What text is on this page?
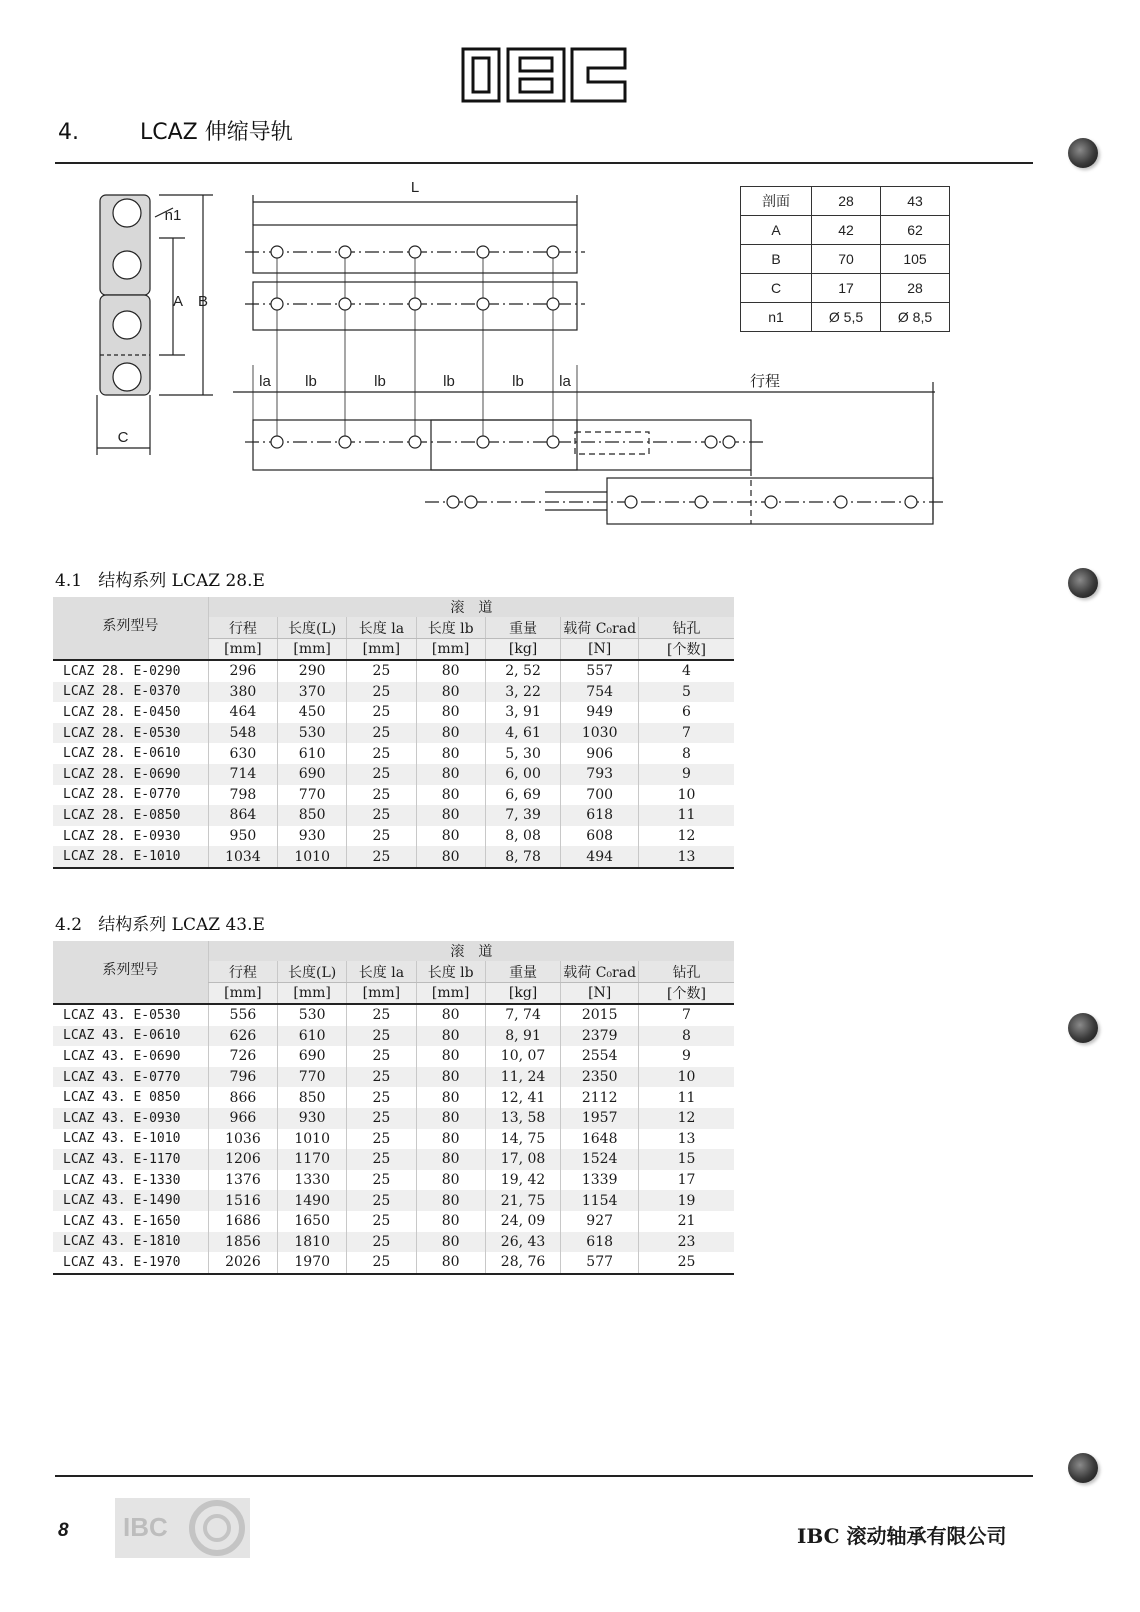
4.	LCAZ 伸缩导轨
L
n1
A B
C
la lb	lb	lb	lb la	行程
剖面	28	43
A	42	62
B	70	105
C	17	28
n1	Ø 5,5	Ø 8,5
4.1 结构系列 LCAZ 28.E
系列型号	滚　道						
	行程	长度(L)	长度 la	长度 lb	重量	载荷 C₀rad	钻孔
	[mm]	[mm]	[mm]	[mm]	[kg]	[N]	[个数]
LCAZ 28. E-0290	296	290	25	80	2, 52	557	4
LCAZ 28. E-0370	380	370	25	80	3, 22	754	5
LCAZ 28. E-0450	464	450	25	80	3, 91	949	6
LCAZ 28. E-0530	548	530	25	80	4, 61	1030	7
LCAZ 28. E-0610	630	610	25	80	5, 30	906	8
LCAZ 28. E-0690	714	690	25	80	6, 00	793	9
LCAZ 28. E-0770	798	770	25	80	6, 69	700	10
LCAZ 28. E-0850	864	850	25	80	7, 39	618	11
LCAZ 28. E-0930	950	930	25	80	8, 08	608	12
LCAZ 28. E-1010	1034	1010	25	80	8, 78	494	13
4.2 结构系列 LCAZ 43.E
系列型号	滚　道						
	行程	长度(L)	长度 la	长度 lb	重量	载荷 C₀rad	钻孔
	[mm]	[mm]	[mm]	[mm]	[kg]	[N]	[个数]
LCAZ 43. E-0530	556	530	25	80	7, 74	2015	7
LCAZ 43. E-0610	626	610	25	80	8, 91	2379	8
LCAZ 43. E-0690	726	690	25	80	10, 07	2554	9
LCAZ 43. E-0770	796	770	25	80	11, 24	2350	10
LCAZ 43. E 0850	866	850	25	80	12, 41	2112	11
LCAZ 43. E-0930	966	930	25	80	13, 58	1957	12
LCAZ 43. E-1010	1036	1010	25	80	14, 75	1648	13
LCAZ 43. E-1170	1206	1170	25	80	17, 08	1524	15
LCAZ 43. E-1330	1376	1330	25	80	19, 42	1339	17
LCAZ 43. E-1490	1516	1490	25	80	21, 75	1154	19
LCAZ 43. E-1650	1686	1650	25	80	24, 09	927	21
LCAZ 43. E-1810	1856	1810	25	80	26, 43	618	23
LCAZ 43. E-1970	2026	1970	25	80	28, 76	577	25
8 IBC	IBC 滚动轴承有限公司
